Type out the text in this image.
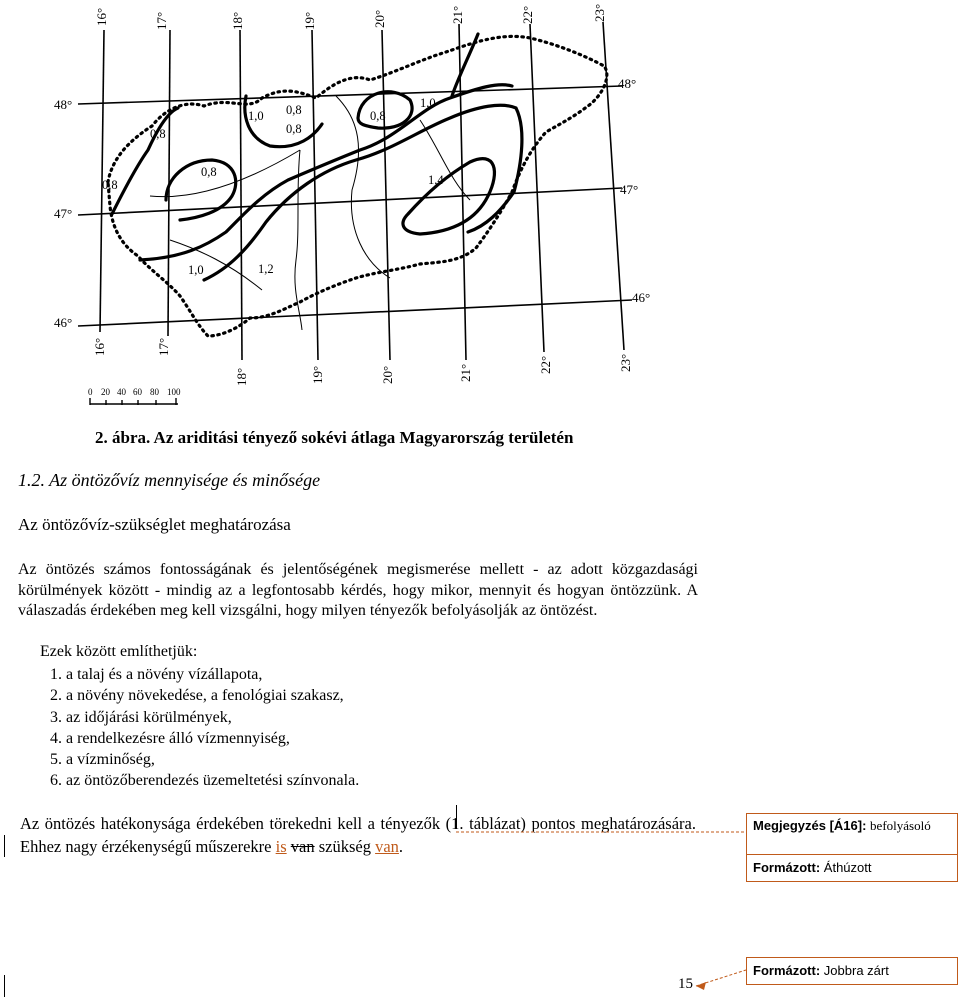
16°	17°	18°	19°	20°	21°	22°	23°
16°	17°
18°	19°	20°	21°	22°	23°
48°
47°
46°
48°
47°
46°
1,0 0,8
0,8
0,8
1,0
0,8
0,8
0,8	1,4
1,0	1,2
0 20 40 60 80 100
2. ábra. Az ariditási tényező sokévi átlaga Magyarország területén
1.2. Az öntözővíz mennyisége és minősége
Az öntözővíz-szükséglet meghatározása
Az öntözés számos fontosságának és jelentőségének megismerése mellett - az adott közgazdasági körülmények között - mindig az a legfontosabb kérdés, hogy mikor, mennyit és hogyan öntözzünk. A válaszadás érdekében meg kell vizsgálni, hogy milyen tényezők befolyásolják az öntözést.
Ezek között említhetjük:
1. a talaj és a növény vízállapota,
2. a növény növekedése, a fenológiai szakasz,
3. az időjárási körülmények,
4. a rendelkezésre álló vízmennyiség,
5. a vízminőség,
6. az öntözőberendezés üzemeltetési színvonala.
Az öntözés hatékonysága érdekében törekedni kell a tényezők (1. táblázat) pontos meghatározására. Ehhez nagy érzékenységű műszerekre is van szükség van.
Megjegyzés [Á16]: befolyásoló
Formázott: Áthúzott
Formázott: Jobbra zárt
15
